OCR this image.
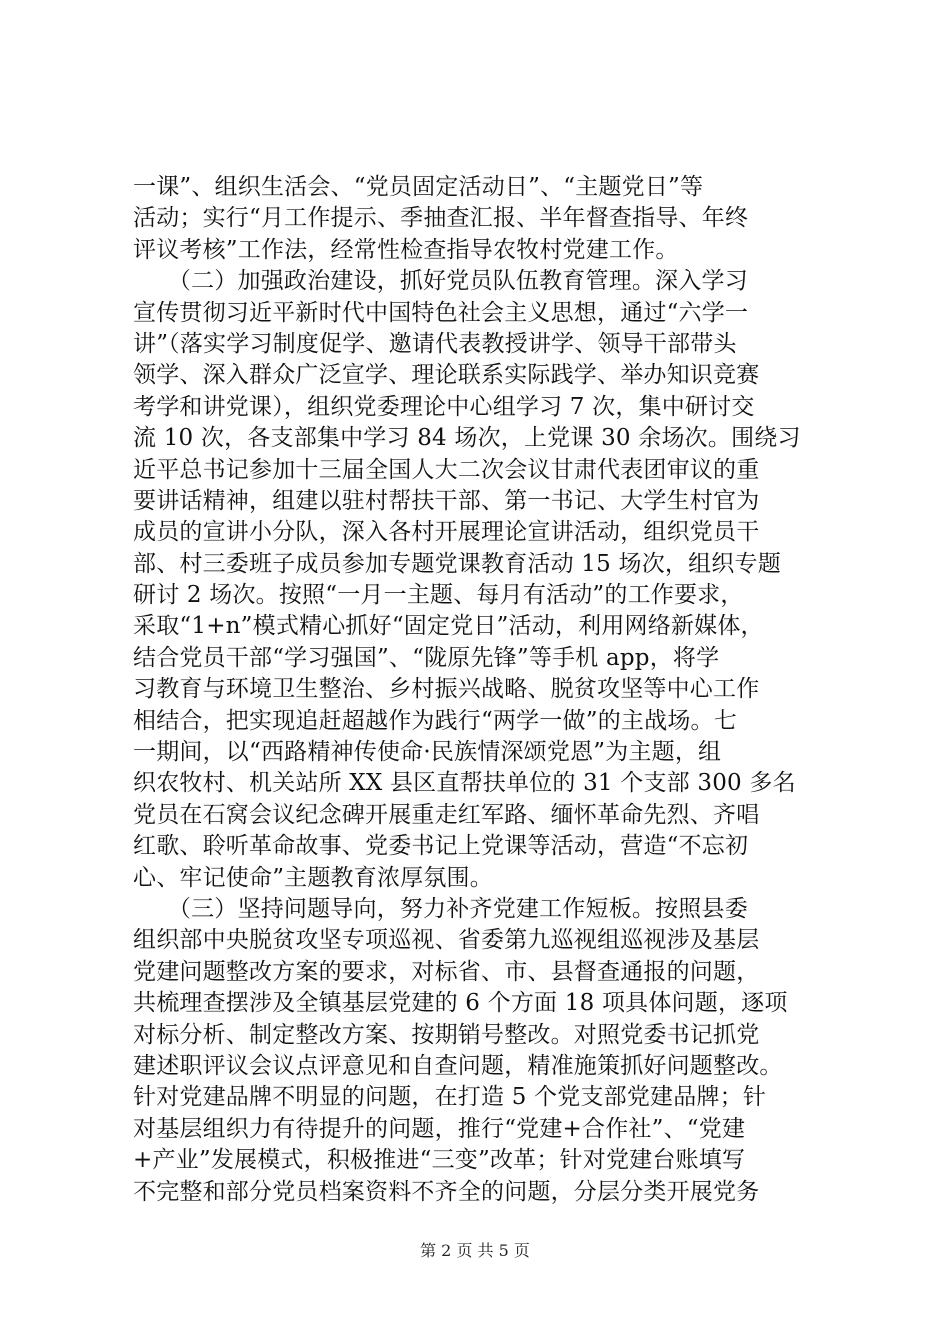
一课”、组织生活会、“党员固定活动日”、“主题党日”等
活动；实行“月工作提示、季抽查汇报、半年督查指导、年终
评议考核”工作法，经常性检查指导农牧村党建工作。
　　（二）加强政治建设，抓好党员队伍教育管理。深入学习
宣传贯彻习近平新时代中国特色社会主义思想，通过“六学一
讲”（落实学习制度促学、邀请代表教授讲学、领导干部带头
领学、深入群众广泛宣学、理论联系实际践学、举办知识竞赛
考学和讲党课），组织党委理论中心组学习 7 次，集中研讨交
流 10 次，各支部集中学习 84 场次，上党课 30 余场次。围绕习
近平总书记参加十三届全国人大二次会议甘肃代表团审议的重
要讲话精神，组建以驻村帮扶干部、第一书记、大学生村官为
成员的宣讲小分队，深入各村开展理论宣讲活动，组织党员干
部、村三委班子成员参加专题党课教育活动 15 场次，组织专题
研讨 2 场次。按照“一月一主题、每月有活动”的工作要求，
采取“1+n”模式精心抓好“固定党日”活动，利用网络新媒体，
结合党员干部“学习强国”、“陇原先锋”等手机 app，将学
习教育与环境卫生整治、乡村振兴战略、脱贫攻坚等中心工作
相结合，把实现追赶超越作为践行“两学一做”的主战场。七
一期间，以“西路精神传使命·民族情深颂党恩”为主题，组
织农牧村、机关站所 XX 县区直帮扶单位的 31 个支部 300 多名
党员在石窝会议纪念碑开展重走红军路、缅怀革命先烈、齐唱
红歌、聆听革命故事、党委书记上党课等活动，营造“不忘初
心、牢记使命”主题教育浓厚氛围。
　　（三）坚持问题导向，努力补齐党建工作短板。按照县委
组织部中央脱贫攻坚专项巡视、省委第九巡视组巡视涉及基层
党建问题整改方案的要求，对标省、市、县督查通报的问题，
共梳理查摆涉及全镇基层党建的 6 个方面 18 项具体问题，逐项
对标分析、制定整改方案、按期销号整改。对照党委书记抓党
建述职评议会议点评意见和自查问题，精准施策抓好问题整改。
针对党建品牌不明显的问题，在打造 5 个党支部党建品牌；针
对基层组织力有待提升的问题，推行“党建+合作社”、“党建
+产业”发展模式，积极推进“三变”改革；针对党建台账填写
不完整和部分党员档案资料不齐全的问题，分层分类开展党务
第 2 页 共 5 页
